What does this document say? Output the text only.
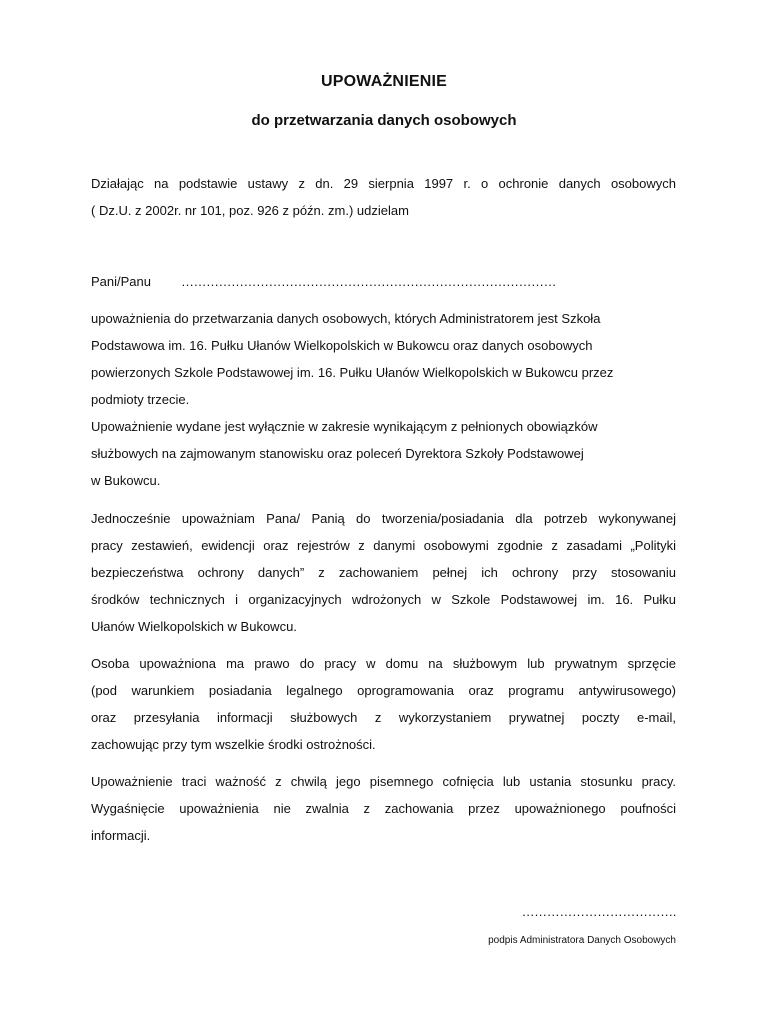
UPOWAŻNIENIE
do przetwarzania danych osobowych
Działając na podstawie ustawy z dn. 29 sierpnia 1997 r. o ochronie danych osobowych
( Dz.U. z 2002r. nr 101, poz. 926 z późn. zm.) udzielam
Pani/Panu ………………………………………………………………………………
upoważnienia do przetwarzania danych osobowych, których Administratorem jest Szkoła
Podstawowa im. 16. Pułku Ułanów Wielkopolskich w Bukowcu oraz danych osobowych
powierzonych Szkole Podstawowej im. 16. Pułku Ułanów Wielkopolskich w Bukowcu przez
podmioty trzecie.
Upoważnienie wydane jest wyłącznie w zakresie wynikającym z pełnionych obowiązków
służbowych na zajmowanym stanowisku oraz poleceń Dyrektora Szkoły Podstawowej
w Bukowcu.
Jednocześnie upoważniam Pana/ Panią do tworzenia/posiadania dla potrzeb wykonywanej
pracy zestawień, ewidencji oraz rejestrów z danymi osobowymi zgodnie z zasadami „Polityki
bezpieczeństwa ochrony danych” z zachowaniem pełnej ich ochrony przy stosowaniu
środków technicznych i organizacyjnych wdrożonych w Szkole Podstawowej im. 16. Pułku
Ułanów Wielkopolskich w Bukowcu.
Osoba upoważniona ma prawo do pracy w domu na służbowym lub prywatnym sprzęcie
(pod warunkiem posiadania legalnego oprogramowania oraz programu antywirusowego)
oraz przesyłania informacji służbowych z wykorzystaniem prywatnej poczty e-mail,
zachowując przy tym wszelkie środki ostrożności.
Upoważnienie traci ważność z chwilą jego pisemnego cofnięcia lub ustania stosunku pracy.
Wygaśnięcie upoważnienia nie zwalnia z zachowania przez upoważnionego poufności
informacji.
……………………………….
podpis Administratora Danych Osobowych
